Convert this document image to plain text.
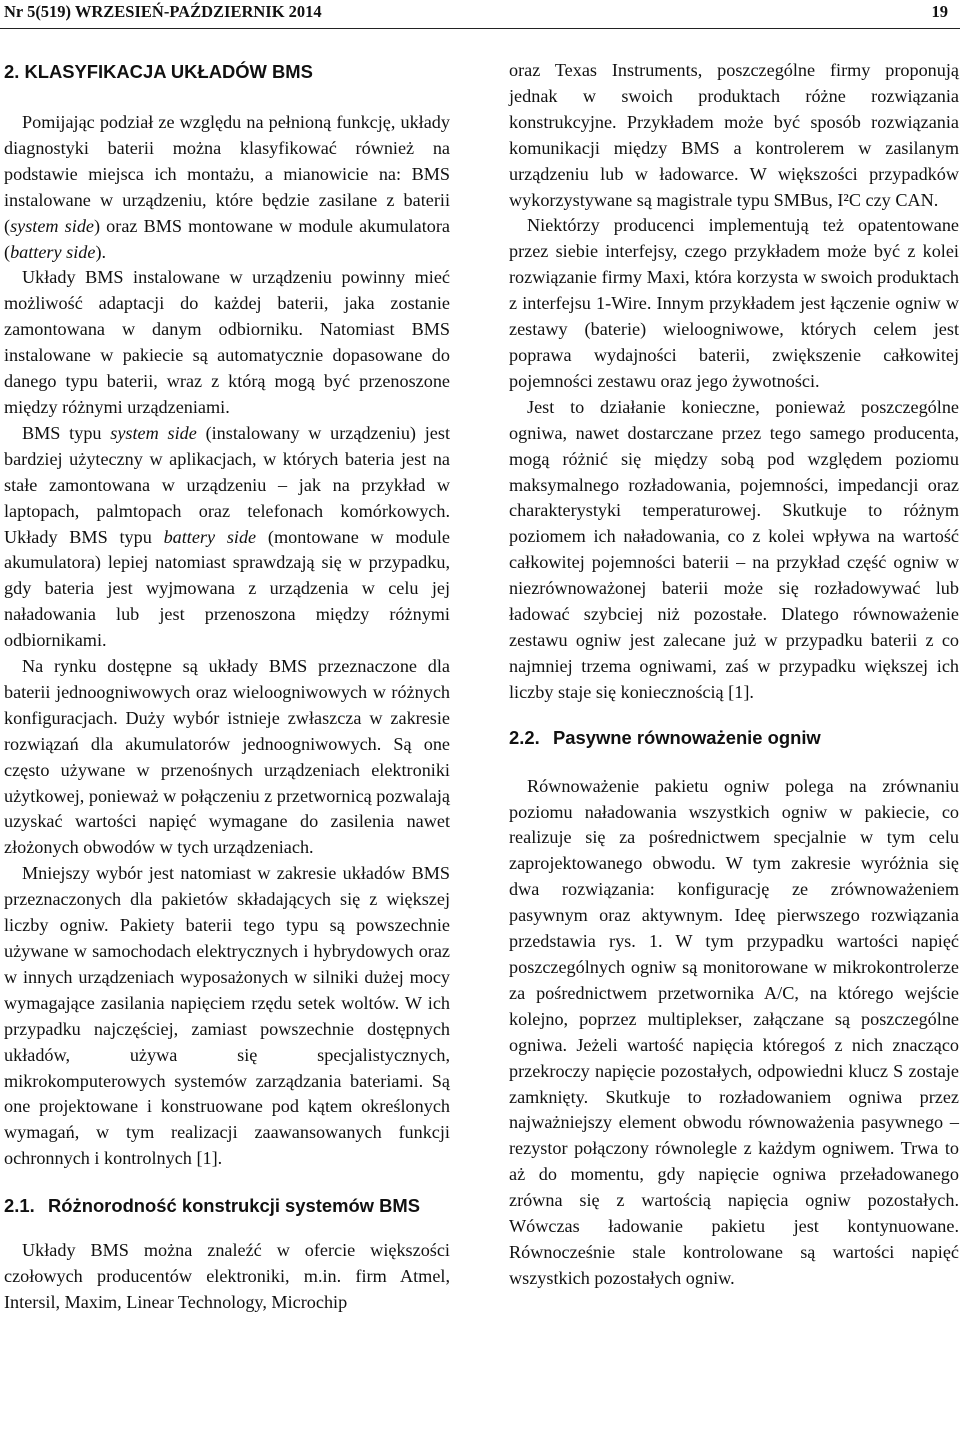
Nr 5(519) WRZESIEŃ-PAŹDZIERNIK 2014	19
2. KLASYFIKACJA UKŁADÓW BMS

Pomijając podział ze względu na pełnioną funkcję, układy diagnostyki baterii można klasyfikować również na podstawie miejsca ich montażu, a mianowicie na: BMS instalowane w urządzeniu, które będzie zasilane z baterii (system side) oraz BMS montowane w module akumulatora (battery side).

Układy BMS instalowane w urządzeniu powinny mieć możliwość adaptacji do każdej baterii, jaka zostanie zamontowana w danym odbiorniku. Natomiast BMS instalowane w pakiecie są automatycznie dopasowane do danego typu baterii, wraz z którą mogą być przenoszone między różnymi urządzeniami.

BMS typu system side (instalowany w urządzeniu) jest bardziej użyteczny w aplikacjach, w których bateria jest na stałe zamontowana w urządzeniu – jak na przykład w laptopach, palmtopach oraz telefonach komórkowych. Układy BMS typu battery side (montowane w module akumulatora) lepiej natomiast sprawdzają się w przypadku, gdy bateria jest wyjmowana z urządzenia w celu jej naładowania lub jest przenoszona między różnymi odbiornikami.

Na rynku dostępne są układy BMS przeznaczone dla baterii jednoogniwowych oraz wieloogniwowych w różnych konfiguracjach. Duży wybór istnieje zwłaszcza w zakresie rozwiązań dla akumulatorów jednoogniwowych. Są one często używane w przenośnych urządzeniach elektroniki użytkowej, ponieważ w połączeniu z przetwornicą pozwalają uzyskać wartości napięć wymagane do zasilenia nawet złożonych obwodów w tych urządzeniach.

Mniejszy wybór jest natomiast w zakresie układów BMS przeznaczonych dla pakietów składających się z większej liczby ogniw. Pakiety baterii tego typu są powszechnie używane w samochodach elektrycznych i hybrydowych oraz w innych urządzeniach wyposażonych w silniki dużej mocy wymagające zasilania napięciem rzędu setek woltów. W ich przypadku najczęściej, zamiast powszechnie dostępnych układów, używa się specjalistycznych, mikrokomputerowych systemów zarządzania bateriami. Są one projektowane i konstruowane pod kątem określonych wymagań, w tym realizacji zaawansowanych funkcji ochronnych i kontrolnych [1].

2.1. Różnorodność konstrukcji systemów BMS

Układy BMS można znaleźć w ofercie większości czołowych producentów elektroniki, m.in. firm Atmel, Intersil, Maxim, Linear Technology, Microchip

oraz Texas Instruments, poszczególne firmy proponują jednak w swoich produktach różne rozwiązania konstrukcyjne. Przykładem może być sposób rozwiązania komunikacji między BMS a kontrolerem w zasilanym urządzeniu lub w ładowarce. W większości przypadków wykorzystywane są magistrale typu SMBus, I²C czy CAN.

Niektórzy producenci implementują też opatentowane przez siebie interfejsy, czego przykładem może być z kolei rozwiązanie firmy Maxi, która korzysta w swoich produktach z interfejsu 1-Wire. Innym przykładem jest łączenie ogniw w zestawy (baterie) wieloogniwowe, których celem jest poprawa wydajności baterii, zwiększenie całkowitej pojemności zestawu oraz jego żywotności.

Jest to działanie konieczne, ponieważ poszczególne ogniwa, nawet dostarczane przez tego samego producenta, mogą różnić się między sobą pod względem poziomu maksymalnego rozładowania, pojemności, impedancji oraz charakterystyki temperaturowej. Skutkuje to różnym poziomem ich naładowania, co z kolei wpływa na wartość całkowitej pojemności baterii – na przykład część ogniw w niezrównoważonej baterii może się rozładowywać lub ładować szybciej niż pozostałe. Dlatego równoważenie zestawu ogniw jest zalecane już w przypadku baterii z co najmniej trzema ogniwami, zaś w przypadku większej ich liczby staje się koniecznością [1].

2.2. Pasywne równoważenie ogniw

Równoważenie pakietu ogniw polega na zrównaniu poziomu naładowania wszystkich ogniw w pakiecie, co realizuje się za pośrednictwem specjalnie w tym celu zaprojektowanego obwodu. W tym zakresie wyróżnia się dwa rozwiązania: konfigurację ze zrównoważeniem pasywnym oraz aktywnym. Ideę pierwszego rozwiązania przedstawia rys. 1. W tym przypadku wartości napięć poszczególnych ogniw są monitorowane w mikrokontrolerze za pośrednictwem przetwornika A/C, na którego wejście kolejno, poprzez multiplekser, załączane są poszczególne ogniwa. Jeżeli wartość napięcia któregoś z nich znacząco przekroczy napięcie pozostałych, odpowiedni klucz S zostaje zamknięty. Skutkuje to rozładowaniem ogniwa przez najważniejszy element obwodu równoważenia pasywnego – rezystor połączony równolegle z każdym ogniwem. Trwa to aż do momentu, gdy napięcie ogniwa przeładowanego zrówna się z wartością napięcia ogniw pozostałych. Wówczas ładowanie pakietu jest kontynuowane. Równocześnie stale kontrolowane są wartości napięć wszystkich pozostałych ogniw.
